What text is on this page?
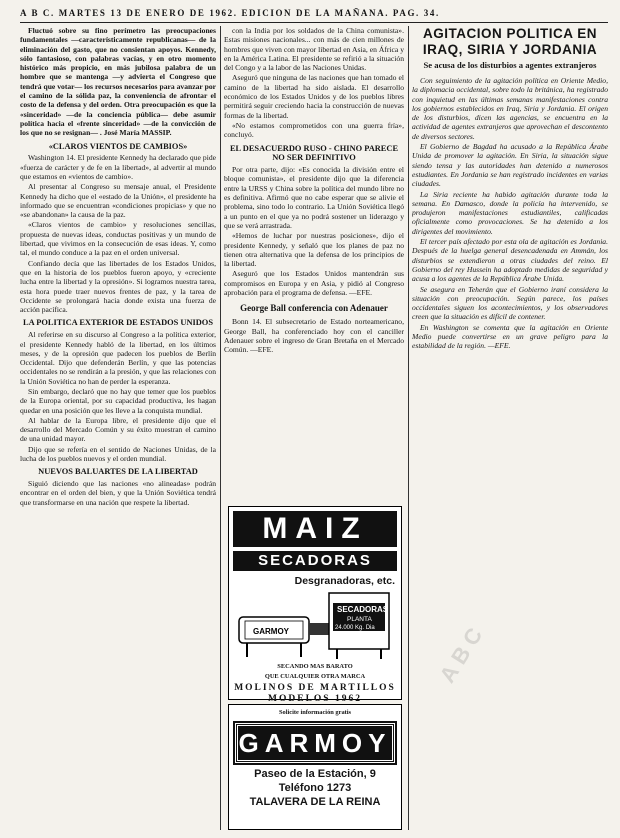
A B C. MARTES 13 DE ENERO DE 1962. EDICION DE LA MAÑANA. PAG. 34.

Fluctuó sobre su fino perímetro las preocupaciones fundamentales —característicamente republicanas— de la eliminación del gasto, que no consientan apoyos. Kennedy, sólo fantasioso, con palabras vacías, y en otro momento histórico más propicio, en más jubilosa palabra de un hombre que se mantenga —y advierta el Congreso que tendrá que votar— los recursos necesarios para avanzar por el camino de la sólida paz, la conveniencia de afrontar el costo de la defensa y del orden. Otra preocupación es que la «sinceridad» —de la conciencia pública— debe asumir política hacia el «frente sinceridad» —de la convicción de los que no se resignan— . José María MASSIP.

«CLAROS VIENTOS DE CAMBIOS»

Washington 14. El presidente Kennedy ha declarado que pide «fuerza de carácter y de fe en la libertad», al advertir al mundo que estamos en «vientos de cambio».

Al presentar al Congreso su mensaje anual, el Presidente Kennedy ha dicho que el «estado de la Unión», el presidente ha informado que se encuentran «condiciones propicias» y que no «se abandonan» la causa de la paz.

«Claros vientos de cambio» y resoluciones sencillas, propuesta de nuevas ideas, conductas positivas y un mundo de libertad, que vivimos en la consecución de esas ideas. Y, como tal, el mundo conduce a la paz en el orden universal.

Confiando decía que las libertades de los Estados Unidos, que en la historia de los pueblos fueron apoyo, y «creciente lucha entre la libertad y la opresión». Si logramos nuestra tarea, esta hora puede traer nuevos frentes de paz, y la tarea de Occidente se prolongará hacia donde exista una fuerza de acción pacífica.

LA POLITICA EXTERIOR DE ESTADOS UNIDOS

Al referirse en su discurso al Congreso a la política exterior, el presidente Kennedy habló de la libertad, en los últimos meses, y de la opresión que padecen los pueblos de Berlín Occidental. Dijo que defenderán Berlín, y que las potencias occidentales no se rendirán a la presión, y que las relaciones con la Unión Soviética no han de perder la esperanza.

Sin embargo, declaró que no hay que temer que los pueblos de la Europa oriental, por su capacidad productiva, les hagan quedar en una posición que les lleve a la conquista mundial.

Al hablar de la Europa libre, el presidente dijo que el desarrollo del Mercado Común y su éxito muestran el camino de una unidad mayor.

Dijo que se refería en el sentido de Naciones Unidas, de la lucha de los pueblos nuevos y el orden mundial.

NUEVOS BALUARTES DE LA LIBERTAD

Siguió diciendo que las naciones «no alineadas» podrán encontrar en el orden del bien, y que la Unión Soviética tendrá que transformarse en una nación que respete la libertad.

con la India por los soldados de la China comunista». Estas misiones nacionales... con más de cien millones de hombres que viven con mayor libertad en Asia, en África y en la América Latina. El presidente se refirió a la situación del Congo y a la labor de las Naciones Unidas.

Aseguró que ninguna de las naciones que han tomado el camino de la libertad ha sido aislada. El desarrollo económico de los Estados Unidos y de los pueblos libres permitirá seguir creciendo hacia la construcción de nuevas formas de la libertad.

«No estamos comprometidos con una guerra fría», concluyó.

EL DESACUERDO RUSO - CHINO PARECE NO SER DEFINITIVO

Por otra parte, dijo: «Es conocida la división entre el bloque comunista», el presidente dijo que la diferencia entre la URSS y China sobre la política del mundo libre no es definitiva. Afirmó que no cabe esperar que se alivie el problema, sino todo lo contrario. La Unión Soviética llegó a un punto en el que ya no podrá sostener un liderazgo y que se verá arrastrada.

«Hemos de luchar por nuestras posiciones», dijo el presidente Kennedy, y señaló que los planes de paz no tienen otra alternativa que la defensa de los principios de la libertad.

Aseguró que los Estados Unidos mantendrán sus compromisos en Europa y en Asia, y pidió al Congreso aprobación para el programa de defensa. —EFE.

George Ball conferencia con Adenauer

Bonn 14. El subsecretario de Estado norteamericano, George Ball, ha conferenciado hoy con el canciller Adenauer sobre el ingreso de Gran Bretaña en el Mercado Común. —EFE.

MAIZ
SECADORAS
Desgranadoras, etc.
GARMOY
SECADORAS
PLANTA
24.000 Kg. Dia
SECANDO MAS BARATO
QUE CUALQUIER OTRA MARCA
MOLINOS DE MARTILLOS
MODELOS 1962
Solicite información gratis
GARMOY
Paseo de la Estación, 9
Teléfono 1273
TALAVERA DE LA REINA
AGITACION POLITICA EN IRAQ, SIRIA Y JORDANIA
Se acusa de los disturbios a agentes extranjeros

Con seguimiento de la agitación política en Oriente Medio, la diplomacia occidental, sobre todo la británica, ha registrado con inquietud en las últimas semanas manifestaciones contra los gobiernos establecidos en Iraq, Siria y Jordania. El origen de los disturbios, dicen las agencias, se encuentra en la actividad de agentes extranjeros que aprovechan el descontento de diversos sectores.

El Gobierno de Bagdad ha acusado a la República Árabe Unida de promover la agitación. En Siria, la situación sigue siendo tensa y las autoridades han detenido a numerosos estudiantes. En Jordania se han registrado incidentes en varias ciudades.

La Siria reciente ha habido agitación durante toda la semana. En Damasco, donde la policía ha intervenido, se produjeron manifestaciones estudiantiles, calificadas oficialmente como provocaciones. Se ha detenido a los dirigentes del movimiento.

El tercer país afectado por esta ola de agitación es Jordania. Después de la huelga general desencadenada en Ammán, los disturbios se extendieron a otras ciudades del reino. El Gobierno del rey Hussein ha adoptado medidas de seguridad y acusa a los agentes de la República Árabe Unida.

Se asegura en Teherán que el Gobierno iraní considera la situación con preocupación. Según parece, los países occidentales siguen los acontecimientos, y los observadores creen que la situación es difícil de contener.

En Washington se comenta que la agitación en Oriente Medio puede convertirse en un grave peligro para la estabilidad de la región. —EFE.

ABC
